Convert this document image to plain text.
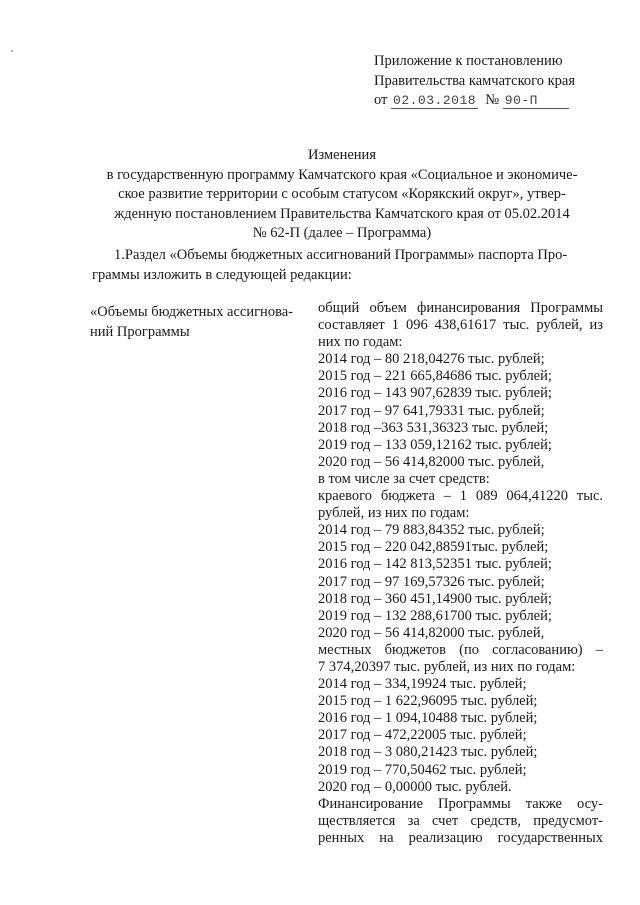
Приложение к постановлению
Правительства камчатского края
от 02.03.2018 № 90-П
Изменения
в государственную программу Камчатского края «Социальное и экономиче-
ское развитие территории с особым статусом «Корякский округ», утвер-
жденную постановлением Правительства Камчатского края от 05.02.2014
№ 62-П (далее – Программа)
1.Раздел «Объемы бюджетных ассигнований Программы» паспорта Про-
граммы изложить в следующей редакции:
«Объемы бюджетных ассигнова-
ний Программы
общий объем финансирования Программы
составляет 1 096 438,61617 тыс. рублей, из
них по годам:
2014 год – 80 218,04276 тыс. рублей;
2015 год – 221 665,84686 тыс. рублей;
2016 год – 143 907,62839 тыс. рублей;
2017 год – 97 641,79331 тыс. рублей;
2018 год –363 531,36323 тыс. рублей;
2019 год – 133 059,12162 тыс. рублей;
2020 год – 56 414,82000 тыс. рублей,
в том числе за счет средств:
краевого бюджета – 1 089 064,41220 тыс.
рублей, из них по годам:
2014 год – 79 883,84352 тыс. рублей;
2015 год – 220 042,88591тыс. рублей;
2016 год – 142 813,52351 тыс. рублей;
2017 год – 97 169,57326 тыс. рублей;
2018 год – 360 451,14900 тыс. рублей;
2019 год – 132 288,61700 тыс. рублей;
2020 год – 56 414,82000 тыс. рублей,
местных бюджетов (по согласованию) –
7 374,20397 тыс. рублей, из них по годам:
2014 год – 334,19924 тыс. рублей;
2015 год – 1 622,96095 тыс. рублей;
2016 год – 1 094,10488 тыс. рублей;
2017 год – 472,22005 тыс. рублей;
2018 год – 3 080,21423 тыс. рублей;
2019 год – 770,50462 тыс. рублей;
2020 год – 0,00000 тыс. рублей.
Финансирование Программы также осу-
ществляется за счет средств, предусмот-
ренных на реализацию государственных
